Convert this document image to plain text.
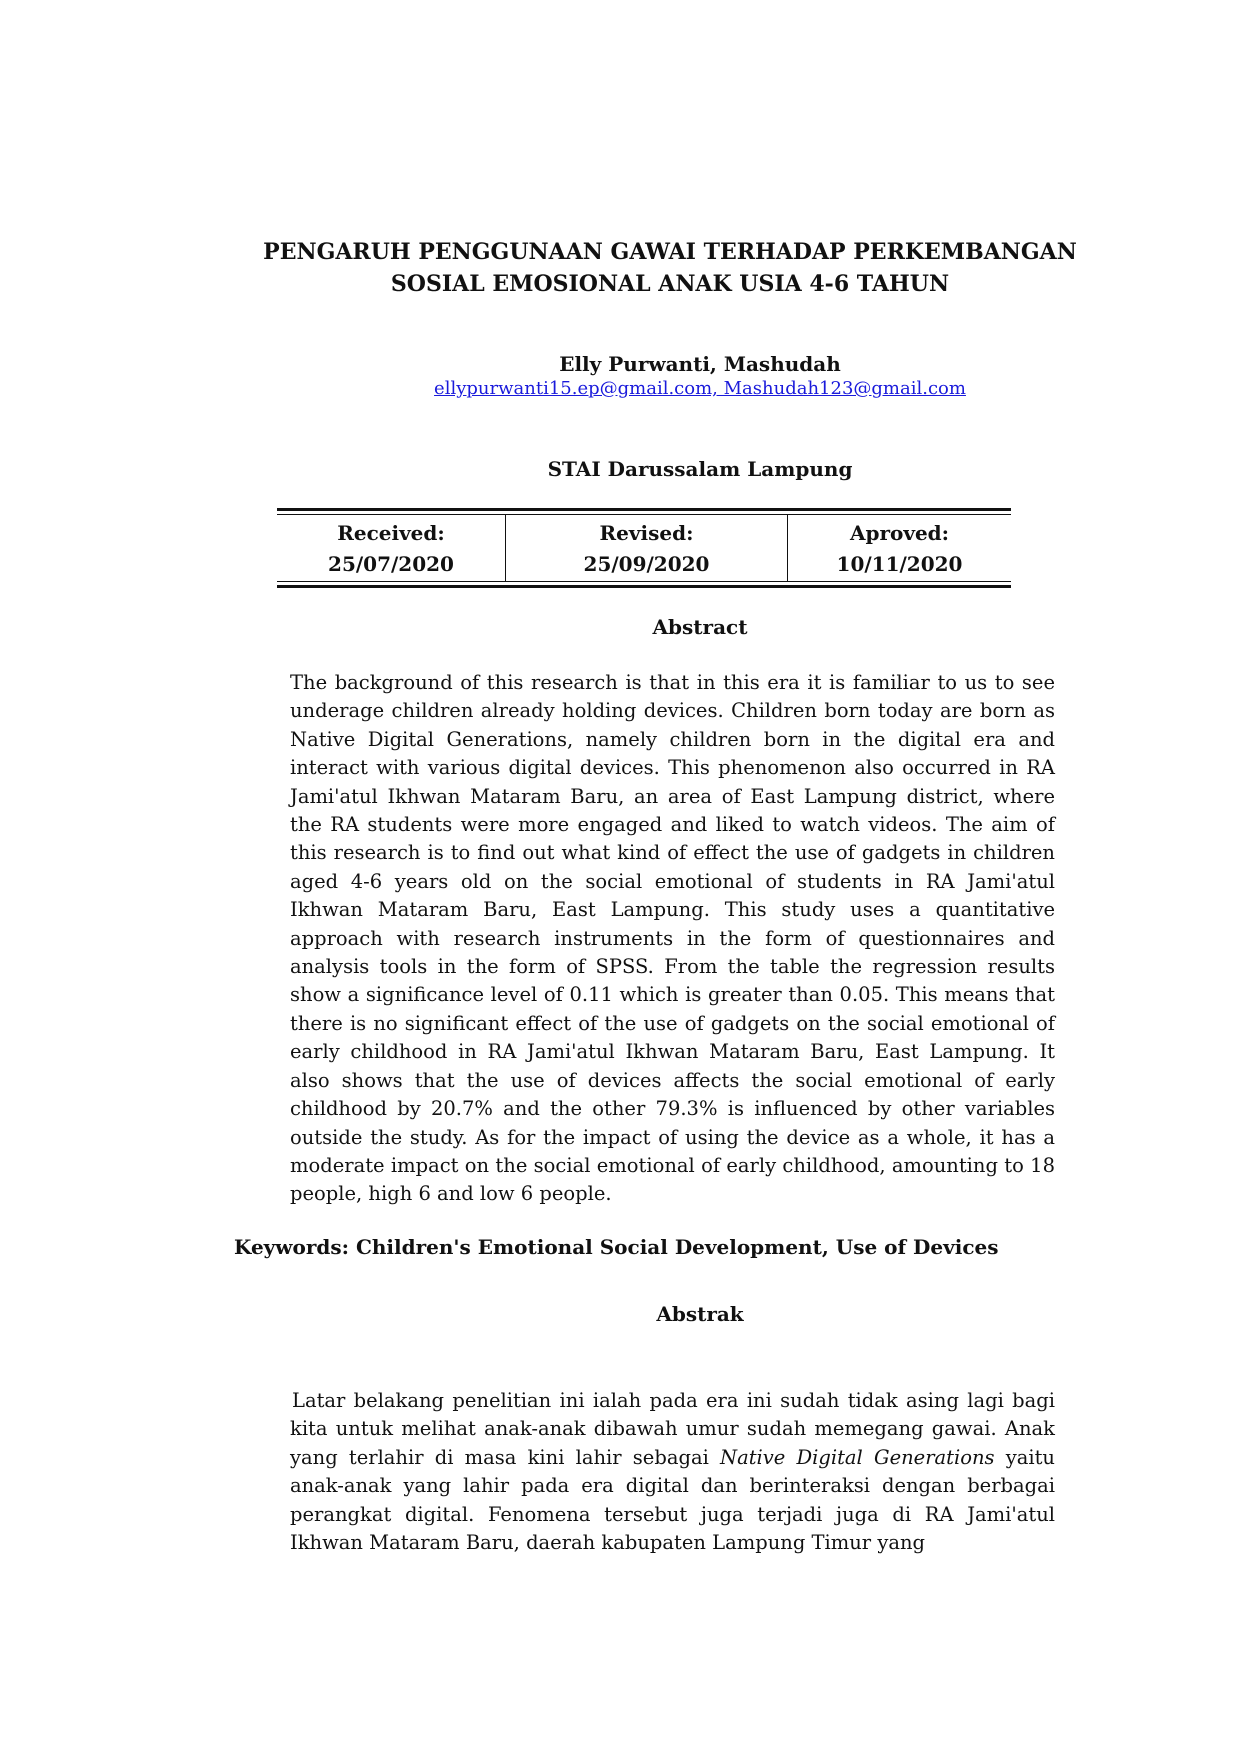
PENGARUH PENGGUNAAN GAWAI TERHADAP PERKEMBANGAN
SOSIAL EMOSIONAL ANAK USIA 4-6 TAHUN
Elly Purwanti, Mashudah
ellypurwanti15.ep@gmail.com, Mashudah123@gmail.com
STAI Darussalam Lampung
Received:
25/07/2020
Revised:
25/09/2020
Aproved:
10/11/2020
Abstract

The background of this research is that in this era it is familiar to us to see underage children already holding devices. Children born today are born as Native Digital Generations, namely children born in the digital era and interact with various digital devices. This phenomenon also occurred in RA Jami'atul Ikhwan Mataram Baru, an area of East Lampung district, where the RA students were more engaged and liked to watch videos. The aim of this research is to find out what kind of effect the use of gadgets in children aged 4-6 years old on the social emotional of students in RA Jami'atul Ikhwan Mataram Baru, East Lampung. This study uses a quantitative approach with research instruments in the form of questionnaires and analysis tools in the form of SPSS. From the table the regression results show a significance level of 0.11 which is greater than 0.05. This means that there is no significant effect of the use of gadgets on the social emotional of early childhood in RA Jami'atul Ikhwan Mataram Baru, East Lampung. It also shows that the use of devices affects the social emotional of early childhood by 20.7% and the other 79.3% is influenced by other variables outside the study. As for the impact of using the device as a whole, it has a moderate impact on the social emotional of early childhood, amounting to 18 people, high 6 and low 6 people.

Keywords: Children's Emotional Social Development, Use of Devices
Abstrak

Latar belakang penelitian ini ialah pada era ini sudah tidak asing lagi bagi kita untuk melihat anak-anak dibawah umur sudah memegang gawai. Anak yang terlahir di masa kini lahir sebagai Native Digital Generations yaitu anak-anak yang lahir pada era digital dan berinteraksi dengan berbagai perangkat digital. Fenomena tersebut juga terjadi juga di RA Jami'atul Ikhwan Mataram Baru, daerah kabupaten Lampung Timur yang
